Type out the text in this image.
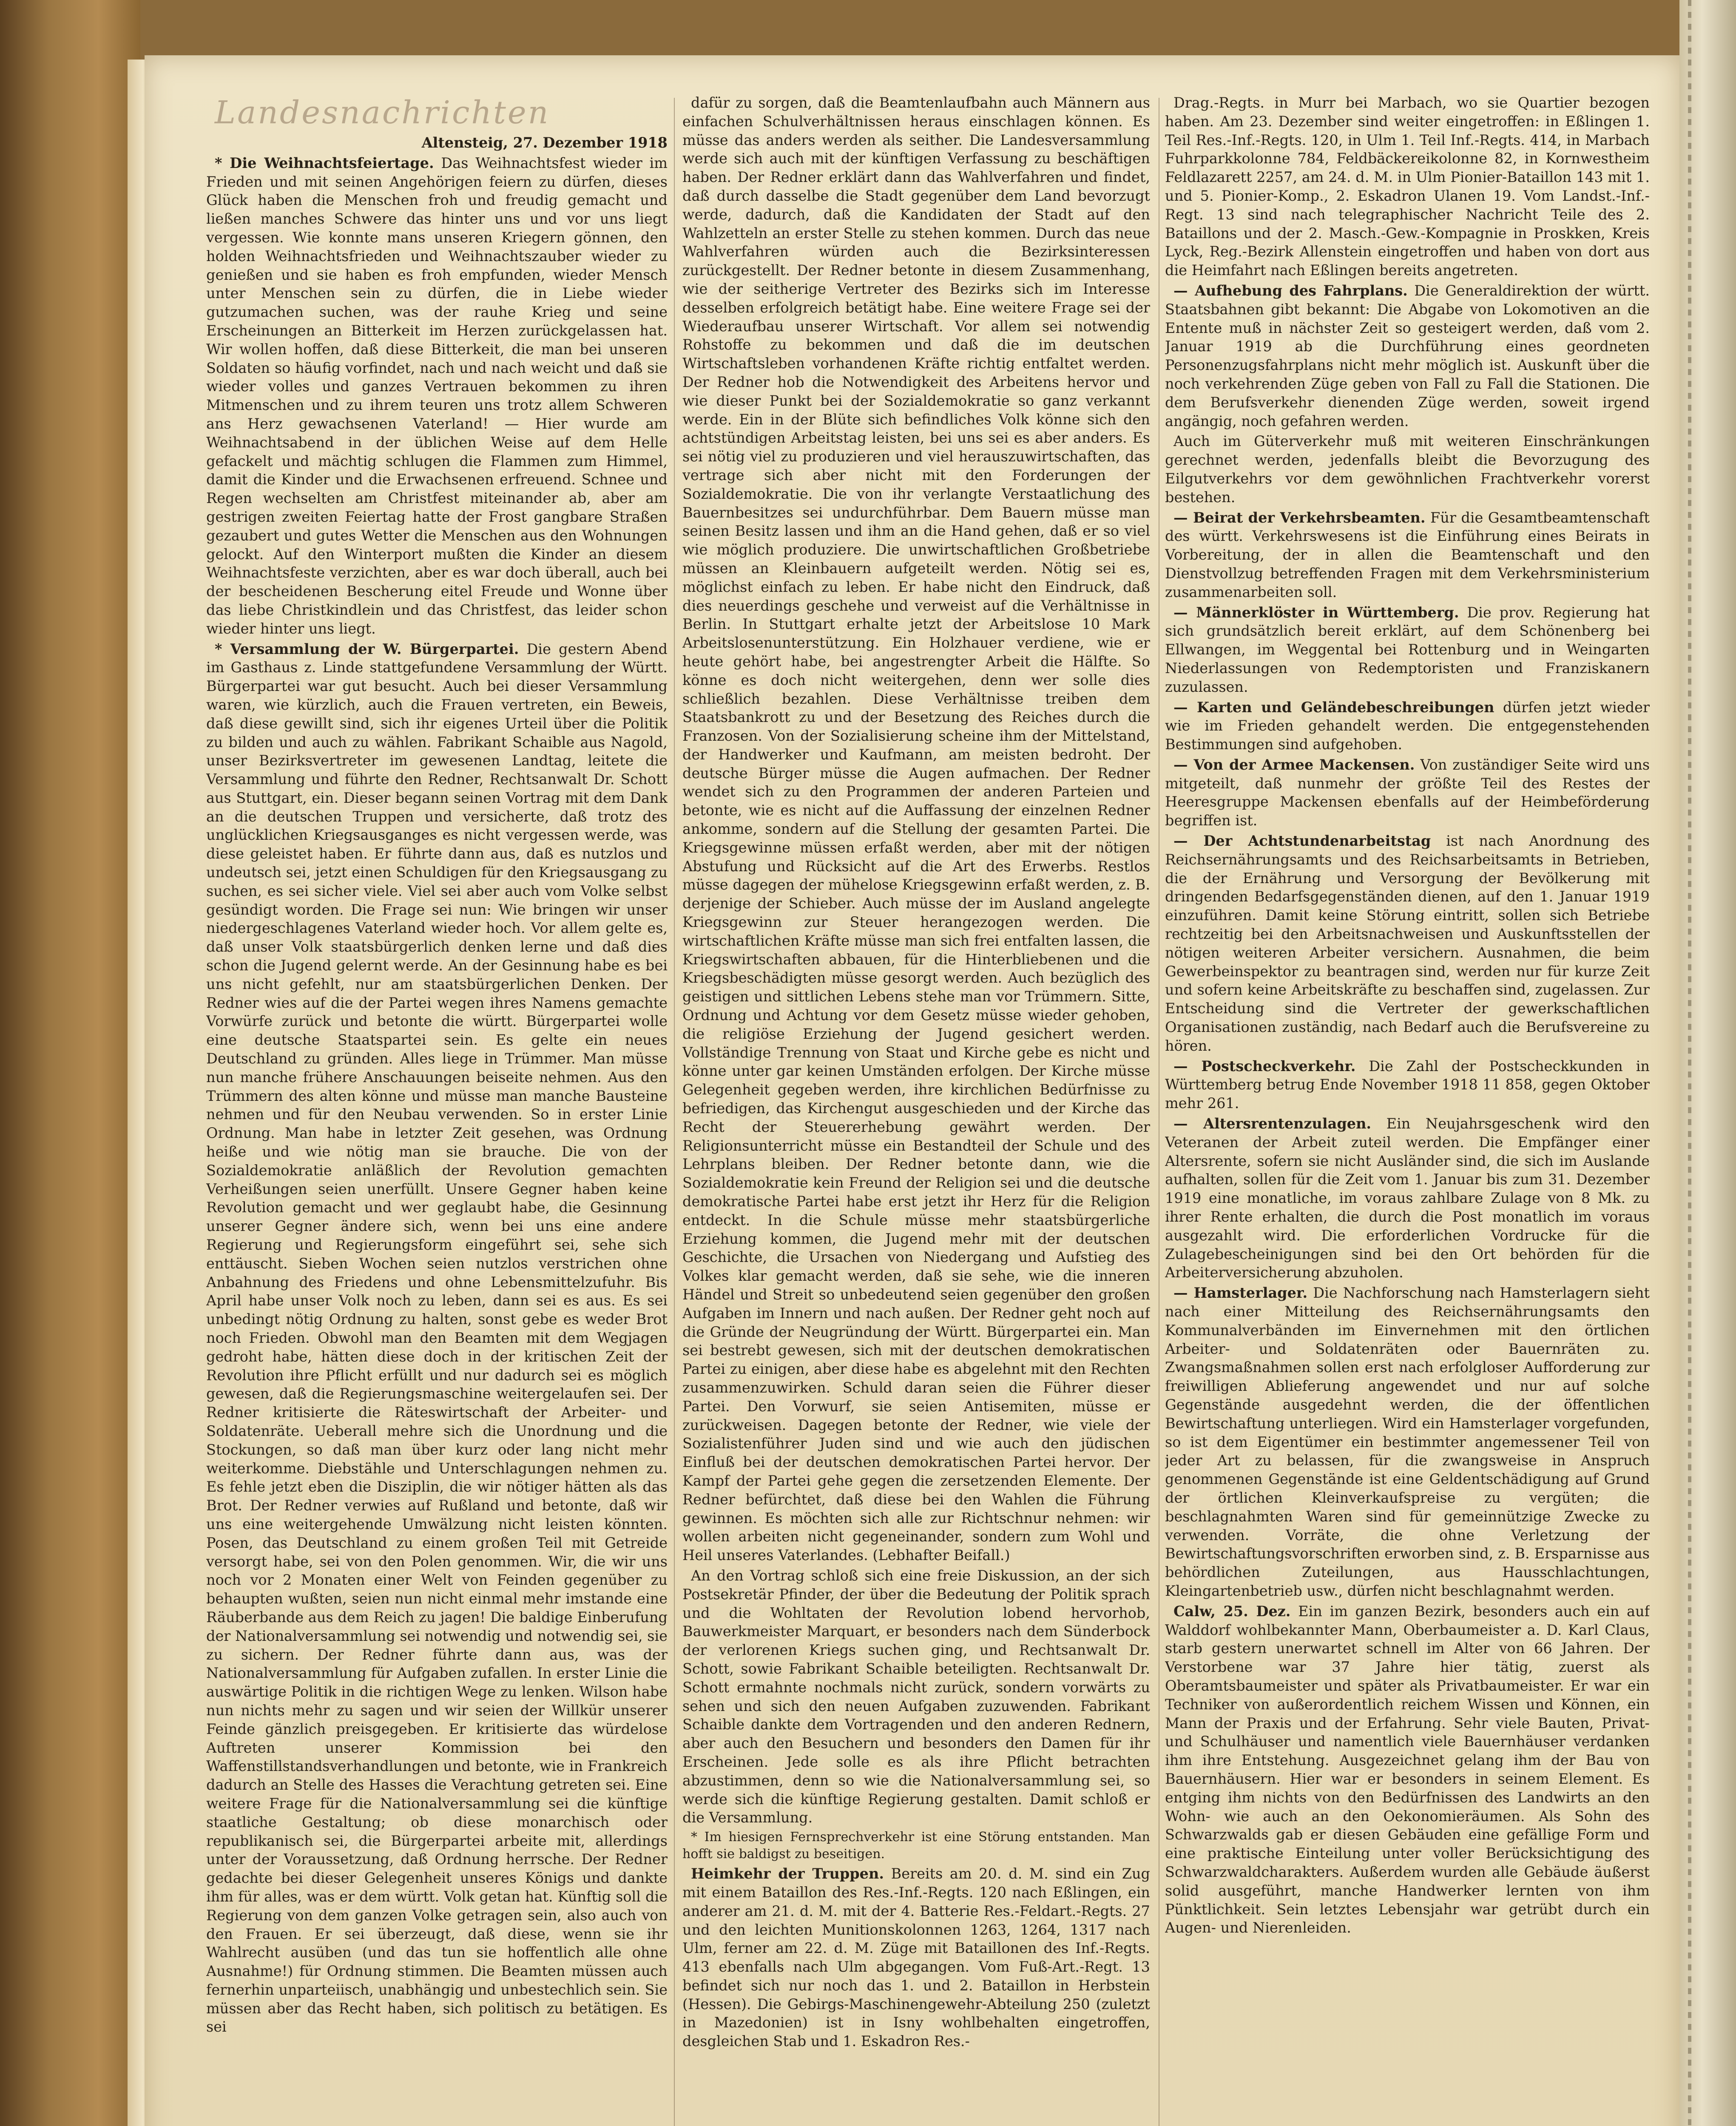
Landesnachrichten

Altensteig, 27. Dezember 1918

* Die Weihnachtsfeiertage. Das Weihnachtsfest wieder im Frieden und mit seinen Angehörigen feiern zu dürfen, dieses Glück haben die Menschen froh und freudig gemacht und ließen manches Schwere das hinter uns und vor uns liegt vergessen. Wie konnte mans unseren Kriegern gönnen, den holden Weihnachtsfrieden und Weihnachtszauber wieder zu genießen und sie haben es froh empfunden, wieder Mensch unter Menschen sein zu dürfen, die in Liebe wieder gutzumachen suchen, was der rauhe Krieg und seine Erscheinungen an Bitterkeit im Herzen zurückgelassen hat. Wir wollen hoffen, daß diese Bitterkeit, die man bei unseren Soldaten so häufig vorfindet, nach und nach weicht und daß sie wieder volles und ganzes Vertrauen bekommen zu ihren Mitmenschen und zu ihrem teuren uns trotz allem Schweren ans Herz gewachsenen Vaterland! — Hier wurde am Weihnachtsabend in der üblichen Weise auf dem Helle gefackelt und mächtig schlugen die Flammen zum Himmel, damit die Kinder und die Erwachsenen erfreuend. Schnee und Regen wechselten am Christfest miteinander ab, aber am gestrigen zweiten Feiertag hatte der Frost gangbare Straßen gezaubert und gutes Wetter die Menschen aus den Wohnungen gelockt. Auf den Winterport mußten die Kinder an diesem Weihnachtsfeste verzichten, aber es war doch überall, auch bei der bescheidenen Bescherung eitel Freude und Wonne über das liebe Christkindlein und das Christfest, das leider schon wieder hinter uns liegt.

* Versammlung der W. Bürgerpartei. Die gestern Abend im Gasthaus z. Linde stattgefundene Versammlung der Württ. Bürgerpartei war gut besucht. Auch bei dieser Versammlung waren, wie kürzlich, auch die Frauen vertreten, ein Beweis, daß diese gewillt sind, sich ihr eigenes Urteil über die Politik zu bilden und auch zu wählen. Fabrikant Schaible aus Nagold, unser Bezirksvertreter im gewesenen Landtag, leitete die Versammlung und führte den Redner, Rechtsanwalt Dr. Schott aus Stuttgart, ein. Dieser begann seinen Vortrag mit dem Dank an die deutschen Truppen und versicherte, daß trotz des unglücklichen Kriegsausganges es nicht vergessen werde, was diese geleistet haben. Er führte dann aus, daß es nutzlos und undeutsch sei, jetzt einen Schuldigen für den Kriegsausgang zu suchen, es sei sicher viele. Viel sei aber auch vom Volke selbst gesündigt worden. Die Frage sei nun: Wie bringen wir unser niedergeschlagenes Vaterland wieder hoch. Vor allem gelte es, daß unser Volk staatsbürgerlich denken lerne und daß dies schon die Jugend gelernt werde. An der Gesinnung habe es bei uns nicht gefehlt, nur am staatsbürgerlichen Denken. Der Redner wies auf die der Partei wegen ihres Namens gemachte Vorwürfe zurück und betonte die württ. Bürgerpartei wolle eine deutsche Staatspartei sein. Es gelte ein neues Deutschland zu gründen. Alles liege in Trümmer. Man müsse nun manche frühere Anschauungen beiseite nehmen. Aus den Trümmern des alten könne und müsse man manche Bausteine nehmen und für den Neubau verwenden. So in erster Linie Ordnung. Man habe in letzter Zeit gesehen, was Ordnung heiße und wie nötig man sie brauche. Die von der Sozialdemokratie anläßlich der Revolution gemachten Verheißungen seien unerfüllt. Unsere Gegner haben keine Revolution gemacht und wer geglaubt habe, die Gesinnung unserer Gegner ändere sich, wenn bei uns eine andere Regierung und Regierungsform eingeführt sei, sehe sich enttäuscht. Sieben Wochen seien nutzlos verstrichen ohne Anbahnung des Friedens und ohne Lebensmittelzufuhr. Bis April habe unser Volk noch zu leben, dann sei es aus. Es sei unbedingt nötig Ordnung zu halten, sonst gebe es weder Brot noch Frieden. Obwohl man den Beamten mit dem Wegjagen gedroht habe, hätten diese doch in der kritischen Zeit der Revolution ihre Pflicht erfüllt und nur dadurch sei es möglich gewesen, daß die Regierungsmaschine weitergelaufen sei. Der Redner kritisierte die Räteswirtschaft der Arbeiter- und Soldatenräte. Ueberall mehre sich die Unordnung und die Stockungen, so daß man über kurz oder lang nicht mehr weiterkomme. Diebstähle und Unterschlagungen nehmen zu. Es fehle jetzt eben die Disziplin, die wir nötiger hätten als das Brot. Der Redner verwies auf Rußland und betonte, daß wir uns eine weitergehende Umwälzung nicht leisten könnten. Posen, das Deutschland zu einem großen Teil mit Getreide versorgt habe, sei von den Polen genommen. Wir, die wir uns noch vor 2 Monaten einer Welt von Feinden gegenüber zu behaupten wußten, seien nun nicht einmal mehr imstande eine Räuberbande aus dem Reich zu jagen! Die baldige Einberufung der Nationalversammlung sei notwendig und notwendig sei, sie zu sichern. Der Redner führte dann aus, was der Nationalversammlung für Aufgaben zufallen. In erster Linie die auswärtige Politik in die richtigen Wege zu lenken. Wilson habe nun nichts mehr zu sagen und wir seien der Willkür unserer Feinde gänzlich preisgegeben. Er kritisierte das würdelose Auftreten unserer Kommission bei den Waffenstillstandsverhandlungen und betonte, wie in Frankreich dadurch an Stelle des Hasses die Verachtung getreten sei. Eine weitere Frage für die Nationalversammlung sei die künftige staatliche Gestaltung; ob diese monarchisch oder republikanisch sei, die Bürgerpartei arbeite mit, allerdings unter der Voraussetzung, daß Ordnung herrsche. Der Redner gedachte bei dieser Gelegenheit unseres Königs und dankte ihm für alles, was er dem württ. Volk getan hat. Künftig soll die Regierung von dem ganzen Volke getragen sein, also auch von den Frauen. Er sei überzeugt, daß diese, wenn sie ihr Wahlrecht ausüben (und das tun sie hoffentlich alle ohne Ausnahme!) für Ordnung stimmen. Die Beamten müssen auch fernerhin unparteiisch, unabhängig und unbestechlich sein. Sie müssen aber das Recht haben, sich politisch zu betätigen. Es sei

dafür zu sorgen, daß die Beamtenlaufbahn auch Männern aus einfachen Schulverhältnissen heraus einschlagen können. Es müsse das anders werden als seither. Die Landesversammlung werde sich auch mit der künftigen Verfassung zu beschäftigen haben. Der Redner erklärt dann das Wahlverfahren und findet, daß durch dasselbe die Stadt gegenüber dem Land bevorzugt werde, dadurch, daß die Kandidaten der Stadt auf den Wahlzetteln an erster Stelle zu stehen kommen. Durch das neue Wahlverfahren würden auch die Bezirksinteressen zurückgestellt. Der Redner betonte in diesem Zusammenhang, wie der seitherige Vertreter des Bezirks sich im Interesse desselben erfolgreich betätigt habe. Eine weitere Frage sei der Wiederaufbau unserer Wirtschaft. Vor allem sei notwendig Rohstoffe zu bekommen und daß die im deutschen Wirtschaftsleben vorhandenen Kräfte richtig entfaltet werden. Der Redner hob die Notwendigkeit des Arbeitens hervor und wie dieser Punkt bei der Sozialdemokratie so ganz verkannt werde. Ein in der Blüte sich befindliches Volk könne sich den achtstündigen Arbeitstag leisten, bei uns sei es aber anders. Es sei nötig viel zu produzieren und viel herauszuwirtschaften, das vertrage sich aber nicht mit den Forderungen der Sozialdemokratie. Die von ihr verlangte Verstaatlichung des Bauernbesitzes sei undurchführbar. Dem Bauern müsse man seinen Besitz lassen und ihm an die Hand gehen, daß er so viel wie möglich produziere. Die unwirtschaftlichen Großbetriebe müssen an Kleinbauern aufgeteilt werden. Nötig sei es, möglichst einfach zu leben. Er habe nicht den Eindruck, daß dies neuerdings geschehe und verweist auf die Verhältnisse in Berlin. In Stuttgart erhalte jetzt der Arbeitslose 10 Mark Arbeitslosenunterstützung. Ein Holzhauer verdiene, wie er heute gehört habe, bei angestrengter Arbeit die Hälfte. So könne es doch nicht weitergehen, denn wer solle dies schließlich bezahlen. Diese Verhältnisse treiben dem Staatsbankrott zu und der Besetzung des Reiches durch die Franzosen. Von der Sozialisierung scheine ihm der Mittelstand, der Handwerker und Kaufmann, am meisten bedroht. Der deutsche Bürger müsse die Augen aufmachen. Der Redner wendet sich zu den Programmen der anderen Parteien und betonte, wie es nicht auf die Auffassung der einzelnen Redner ankomme, sondern auf die Stellung der gesamten Partei. Die Kriegsgewinne müssen erfaßt werden, aber mit der nötigen Abstufung und Rücksicht auf die Art des Erwerbs. Restlos müsse dagegen der mühelose Kriegsgewinn erfaßt werden, z. B. derjenige der Schieber. Auch müsse der im Ausland angelegte Kriegsgewinn zur Steuer herangezogen werden. Die wirtschaftlichen Kräfte müsse man sich frei entfalten lassen, die Kriegswirtschaften abbauen, für die Hinterbliebenen und die Kriegsbeschädigten müsse gesorgt werden. Auch bezüglich des geistigen und sittlichen Lebens stehe man vor Trümmern. Sitte, Ordnung und Achtung vor dem Gesetz müsse wieder gehoben, die religiöse Erziehung der Jugend gesichert werden. Vollständige Trennung von Staat und Kirche gebe es nicht und könne unter gar keinen Umständen erfolgen. Der Kirche müsse Gelegenheit gegeben werden, ihre kirchlichen Bedürfnisse zu befriedigen, das Kirchengut ausgeschieden und der Kirche das Recht der Steuererhebung gewährt werden. Der Religionsunterricht müsse ein Bestandteil der Schule und des Lehrplans bleiben. Der Redner betonte dann, wie die Sozialdemokratie kein Freund der Religion sei und die deutsche demokratische Partei habe erst jetzt ihr Herz für die Religion entdeckt. In die Schule müsse mehr staatsbürgerliche Erziehung kommen, die Jugend mehr mit der deutschen Geschichte, die Ursachen von Niedergang und Aufstieg des Volkes klar gemacht werden, daß sie sehe, wie die inneren Händel und Streit so unbedeutend seien gegenüber den großen Aufgaben im Innern und nach außen. Der Redner geht noch auf die Gründe der Neugründung der Württ. Bürgerpartei ein. Man sei bestrebt gewesen, sich mit der deutschen demokratischen Partei zu einigen, aber diese habe es abgelehnt mit den Rechten zusammenzuwirken. Schuld daran seien die Führer dieser Partei. Den Vorwurf, sie seien Antisemiten, müsse er zurückweisen. Dagegen betonte der Redner, wie viele der Sozialistenführer Juden sind und wie auch den jüdischen Einfluß bei der deutschen demokratischen Partei hervor. Der Kampf der Partei gehe gegen die zersetzenden Elemente. Der Redner befürchtet, daß diese bei den Wahlen die Führung gewinnen. Es möchten sich alle zur Richtschnur nehmen: wir wollen arbeiten nicht gegeneinander, sondern zum Wohl und Heil unseres Vaterlandes. (Lebhafter Beifall.)

An den Vortrag schloß sich eine freie Diskussion, an der sich Postsekretär Pfinder, der über die Bedeutung der Politik sprach und die Wohltaten der Revolution lobend hervorhob, Bauwerkmeister Marquart, er besonders nach dem Sünderbock der verlorenen Kriegs suchen ging, und Rechtsanwalt Dr. Schott, sowie Fabrikant Schaible beteiligten. Rechtsanwalt Dr. Schott ermahnte nochmals nicht zurück, sondern vorwärts zu sehen und sich den neuen Aufgaben zuzuwenden. Fabrikant Schaible dankte dem Vortragenden und den anderen Rednern, aber auch den Besuchern und besonders den Damen für ihr Erscheinen. Jede solle es als ihre Pflicht betrachten abzustimmen, denn so wie die Nationalversammlung sei, so werde sich die künftige Regierung gestalten. Damit schloß er die Versammlung.

* Im hiesigen Fernsprechverkehr ist eine Störung entstanden. Man hofft sie baldigst zu beseitigen.

Heimkehr der Truppen. Bereits am 20. d. M. sind ein Zug mit einem Bataillon des Res.-Inf.-Regts. 120 nach Eßlingen, ein anderer am 21. d. M. mit der 4. Batterie Res.-Feldart.-Regts. 27 und den leichten Munitionskolonnen 1263, 1264, 1317 nach Ulm, ferner am 22. d. M. Züge mit Bataillonen des Inf.-Regts. 413 ebenfalls nach Ulm abgegangen. Vom Fuß-Art.-Regt. 13 befindet sich nur noch das 1. und 2. Bataillon in Herbstein (Hessen). Die Gebirgs-Maschinengewehr-Abteilung 250 (zuletzt in Mazedonien) ist in Isny wohlbehalten eingetroffen, desgleichen Stab und 1. Eskadron Res.-

Drag.-Regts. in Murr bei Marbach, wo sie Quartier bezogen haben. Am 23. Dezember sind weiter eingetroffen: in Eßlingen 1. Teil Res.-Inf.-Regts. 120, in Ulm 1. Teil Inf.-Regts. 414, in Marbach Fuhrparkkolonne 784, Feldbäckereikolonne 82, in Kornwestheim Feldlazarett 2257, am 24. d. M. in Ulm Pionier-Bataillon 143 mit 1. und 5. Pionier-Komp., 2. Eskadron Ulanen 19. Vom Landst.-Inf.-Regt. 13 sind nach telegraphischer Nachricht Teile des 2. Bataillons und der 2. Masch.-Gew.-Kompagnie in Proskken, Kreis Lyck, Reg.-Bezirk Allenstein eingetroffen und haben von dort aus die Heimfahrt nach Eßlingen bereits angetreten.

— Aufhebung des Fahrplans. Die Generaldirektion der württ. Staatsbahnen gibt bekannt: Die Abgabe von Lokomotiven an die Entente muß in nächster Zeit so gesteigert werden, daß vom 2. Januar 1919 ab die Durchführung eines geordneten Personenzugsfahrplans nicht mehr möglich ist. Auskunft über die noch verkehrenden Züge geben von Fall zu Fall die Stationen. Die dem Berufsverkehr dienenden Züge werden, soweit irgend angängig, noch gefahren werden.

Auch im Güterverkehr muß mit weiteren Einschränkungen gerechnet werden, jedenfalls bleibt die Bevorzugung des Eilgutverkehrs vor dem gewöhnlichen Frachtverkehr vorerst bestehen.

— Beirat der Verkehrsbeamten. Für die Gesamtbeamtenschaft des württ. Verkehrswesens ist die Einführung eines Beirats in Vorbereitung, der in allen die Beamtenschaft und den Dienstvollzug betreffenden Fragen mit dem Verkehrsministerium zusammenarbeiten soll.

— Männerklöster in Württemberg. Die prov. Regierung hat sich grundsätzlich bereit erklärt, auf dem Schönenberg bei Ellwangen, im Weggental bei Rottenburg und in Weingarten Niederlassungen von Redemptoristen und Franziskanern zuzulassen.

— Karten und Geländebeschreibungen dürfen jetzt wieder wie im Frieden gehandelt werden. Die entgegenstehenden Bestimmungen sind aufgehoben.

— Von der Armee Mackensen. Von zuständiger Seite wird uns mitgeteilt, daß nunmehr der größte Teil des Restes der Heeresgruppe Mackensen ebenfalls auf der Heimbeförderung begriffen ist.

— Der Achtstundenarbeitstag ist nach Anordnung des Reichsernährungsamts und des Reichsarbeitsamts in Betrieben, die der Ernährung und Versorgung der Bevölkerung mit dringenden Bedarfsgegenständen dienen, auf den 1. Januar 1919 einzuführen. Damit keine Störung eintritt, sollen sich Betriebe rechtzeitig bei den Arbeitsnachweisen und Auskunftsstellen der nötigen weiteren Arbeiter versichern. Ausnahmen, die beim Gewerbeinspektor zu beantragen sind, werden nur für kurze Zeit und sofern keine Arbeitskräfte zu beschaffen sind, zugelassen. Zur Entscheidung sind die Vertreter der gewerkschaftlichen Organisationen zuständig, nach Bedarf auch die Berufsvereine zu hören.

— Postscheckverkehr. Die Zahl der Postscheckkunden in Württemberg betrug Ende November 1918 11 858, gegen Oktober mehr 261.

— Altersrentenzulagen. Ein Neujahrsgeschenk wird den Veteranen der Arbeit zuteil werden. Die Empfänger einer Altersrente, sofern sie nicht Ausländer sind, die sich im Auslande aufhalten, sollen für die Zeit vom 1. Januar bis zum 31. Dezember 1919 eine monatliche, im voraus zahlbare Zulage von 8 Mk. zu ihrer Rente erhalten, die durch die Post monatlich im voraus ausgezahlt wird. Die erforderlichen Vordrucke für die Zulagebescheinigungen sind bei den Ort behörden für die Arbeiterversicherung abzuholen.

— Hamsterlager. Die Nachforschung nach Hamsterlagern sieht nach einer Mitteilung des Reichsernährungsamts den Kommunalverbänden im Einvernehmen mit den örtlichen Arbeiter- und Soldatenräten oder Bauernräten zu. Zwangsmaßnahmen sollen erst nach erfolgloser Aufforderung zur freiwilligen Ablieferung angewendet und nur auf solche Gegenstände ausgedehnt werden, die der öffentlichen Bewirtschaftung unterliegen. Wird ein Hamsterlager vorgefunden, so ist dem Eigentümer ein bestimmter angemessener Teil von jeder Art zu belassen, für die zwangsweise in Anspruch genommenen Gegenstände ist eine Geldentschädigung auf Grund der örtlichen Kleinverkaufspreise zu vergüten; die beschlagnahmten Waren sind für gemeinnützige Zwecke zu verwenden. Vorräte, die ohne Verletzung der Bewirtschaftungsvorschriften erworben sind, z. B. Ersparnisse aus behördlichen Zuteilungen, aus Hausschlachtungen, Kleingartenbetrieb usw., dürfen nicht beschlagnahmt werden.

Calw, 25. Dez. Ein im ganzen Bezirk, besonders auch ein auf Walddorf wohlbekannter Mann, Oberbaumeister a. D. Karl Claus, starb gestern unerwartet schnell im Alter von 66 Jahren. Der Verstorbene war 37 Jahre hier tätig, zuerst als Oberamtsbaumeister und später als Privatbaumeister. Er war ein Techniker von außerordentlich reichem Wissen und Können, ein Mann der Praxis und der Erfahrung. Sehr viele Bauten, Privat- und Schulhäuser und namentlich viele Bauernhäuser verdanken ihm ihre Entstehung. Ausgezeichnet gelang ihm der Bau von Bauernhäusern. Hier war er besonders in seinem Element. Es entging ihm nichts von den Bedürfnissen des Landwirts an den Wohn- wie auch an den Oekonomieräumen. Als Sohn des Schwarzwalds gab er diesen Gebäuden eine gefällige Form und eine praktische Einteilung unter voller Berücksichtigung des Schwarzwaldcharakters. Außerdem wurden alle Gebäude äußerst solid ausgeführt, manche Handwerker lernten von ihm Pünktlichkeit. Sein letztes Lebensjahr war getrübt durch ein Augen- und Nierenleiden.
